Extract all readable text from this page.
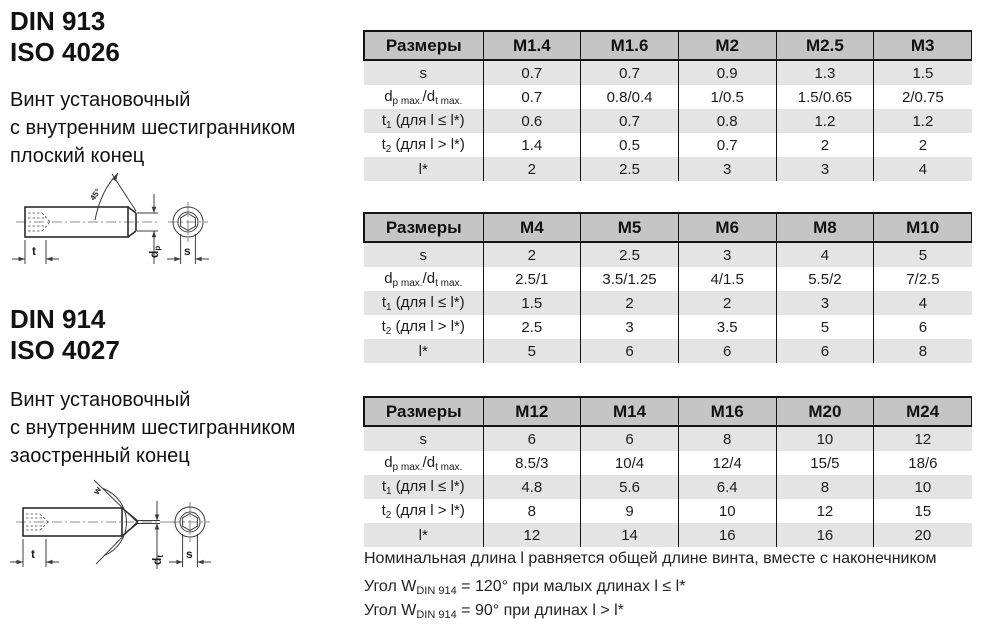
DIN 913
ISO 4026
Винт установочный
с внутренним шестигранником
плоский конец
45°
t	dp s
DIN 914
ISO 4027
Винт установочный
с внутренним шестигранником
заостренный конец
w
t
dt s
Размеры	M1.4	M1.6	M2	M2.5	M3
s	0.7	0.7	0.9	1.3	1.5
$d_{p max.}/d_{t max.}$	0.7	0.8/0.4	1/0.5	1.5/0.65	2/0.75
$t_1$ (для l ≤ l*)	0.6	0.7	0.8	1.2	1.2
$t_2$ (для l > l*)	1.4	0.5	0.7	2	2
l*	2	2.5	3	3	4
Размеры	M4	M5	M6	M8	M10
s	2	2.5	3	4	5
$d_{p max.}/d_{t max.}$	2.5/1	3.5/1.25	4/1.5	5.5/2	7/2.5
$t_1$ (для l ≤ l*)	1.5	2	2	3	4
$t_2$ (для l > l*)	2.5	3	3.5	5	6
l*	5	6	6	6	8
Размеры	M12	M14	M16	M20	M24
s	6	6	8	10	12
$d_{p max.}/d_{t max.}$	8.5/3	10/4	12/4	15/5	18/6
$t_1$ (для l ≤ l*)	4.8	5.6	6.4	8	10
$t_2$ (для l > l*)	8	9	10	12	15
l*	12	14	16	16	20
Номинальная длина l равняется общей длине винта, вместе с наконечником
Угол $W_{DIN 914} = 120^\circ$ при малых длинах l ≤ l*
Угол $W_{DIN 914} = 90^\circ$ при длинах l > l*
